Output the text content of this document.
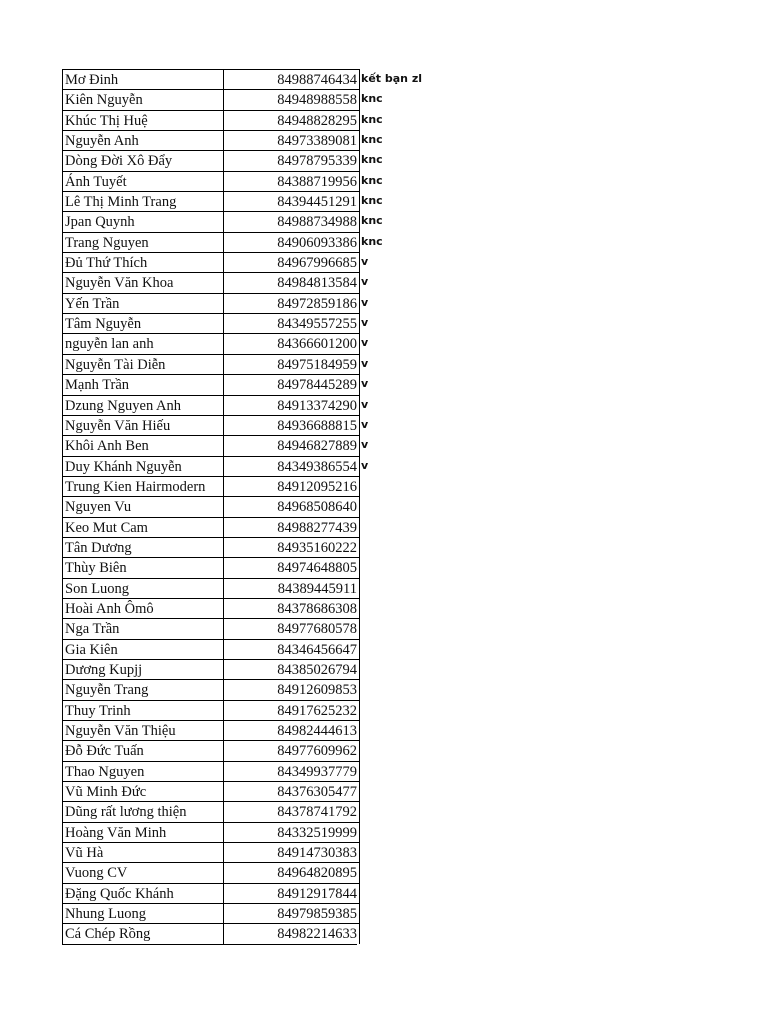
Mơ Đinh	84988746434 kết bạn zl
Kiên Nguyễn	84948988558 knc
Khúc Thị Huệ	84948828295 knc
Nguyễn Anh	84973389081 knc
Dòng Đời Xô Đẩy	84978795339 knc
Ánh Tuyết	84388719956 knc
Lê Thị Minh Trang	84394451291 knc
Jpan Quynh	84988734988 knc
Trang Nguyen	84906093386 knc
Đủ Thứ Thích	84967996685 v
Nguyễn Văn Khoa	84984813584 v
Yến Trần	84972859186 v
Tâm Nguyễn	84349557255 v
nguyễn lan anh	84366601200 v
Nguyễn Tài Diễn	84975184959 v
Mạnh Trần	84978445289 v
Dzung Nguyen Anh	84913374290 v
Nguyễn Văn Hiếu	84936688815 v
Khôi Anh Ben	84946827889 v
Duy Khánh Nguyễn	84349386554 v
Trung Kien Hairmodern	84912095216
Nguyen Vu	84968508640
Keo Mut Cam	84988277439
Tân Dương	84935160222
Thùy Biên	84974648805
Son Luong	84389445911
Hoài Anh Ômô	84378686308
Nga Trần	84977680578
Gia Kiên	84346456647
Dương Kupjj	84385026794
Nguyễn Trang	84912609853
Thuy Trinh	84917625232
Nguyễn Văn Thiệu	84982444613
Đỗ Đức Tuấn	84977609962
Thao Nguyen	84349937779
Vũ Minh Đức	84376305477
Dũng rất lương thiện	84378741792
Hoàng Văn Minh	84332519999
Vũ Hà	84914730383
Vuong CV	84964820895
Đặng Quốc Khánh	84912917844
Nhung Luong	84979859385
Cá Chép Rồng	84982214633
